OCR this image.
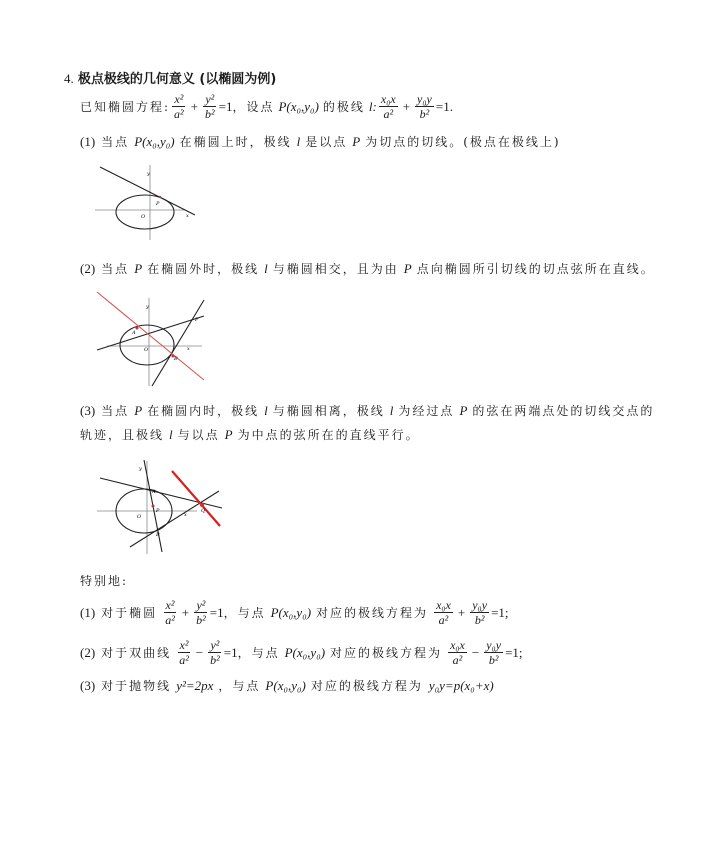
4. 极点极线的几何意义 (以椭圆为例)
已知椭圆方程: $\frac{\text{x²}}{\text{a²}} + \frac{\text{y²}}{\text{b²}} =1$ ，设点 P(x₀,y₀) 的极线 l: $\frac{\text{x₀x}}{\text{a²}} + \frac{\text{y₀y}}{\text{b²}} =1$ .
(1) 当点 P(x₀,y₀) 在椭圆上时，极线 l 是以点 P 为切点的切线。(极点在极线上)
y
x
O
P
(2) 当点 P 在椭圆外时，极线 l 与椭圆相交，且为由 P 点向椭圆所引切线的切点弦所在直线。
y
x
O
A
B
P
(3) 当点 P 在椭圆内时，极线 l 与椭圆相离，极线 l 为经过点 P 的弦在两端点处的切线交点的
轨迹，且极线 l 与以点 P 为中点的弦所在的直线平行。
y
x
O
A
P
B
Q
特别地:
(1) 对于椭圆 $\frac{\text{x²}}{\text{a²}} + \frac{\text{y²}}{\text{b²}} =1$ ，与点 P(x₀,y₀) 对应的极线方程为 $\frac{\text{x₀x}}{\text{a²}} + \frac{\text{y₀y}}{\text{b²}} =1$ ;
(2) 对于双曲线 $\frac{\text{x²}}{\text{a²}} - \frac{\text{y²}}{\text{b²}} =1$ ，与点 P(x₀,y₀) 对应的极线方程为 $\frac{\text{x₀x}}{\text{a²}} - \frac{\text{y₀y}}{\text{b²}} =1$ ;
(3) 对于抛物线 y²=2px ，与点 P(x₀,y₀) 对应的极线方程为 y₀y=p(x₀+x)
